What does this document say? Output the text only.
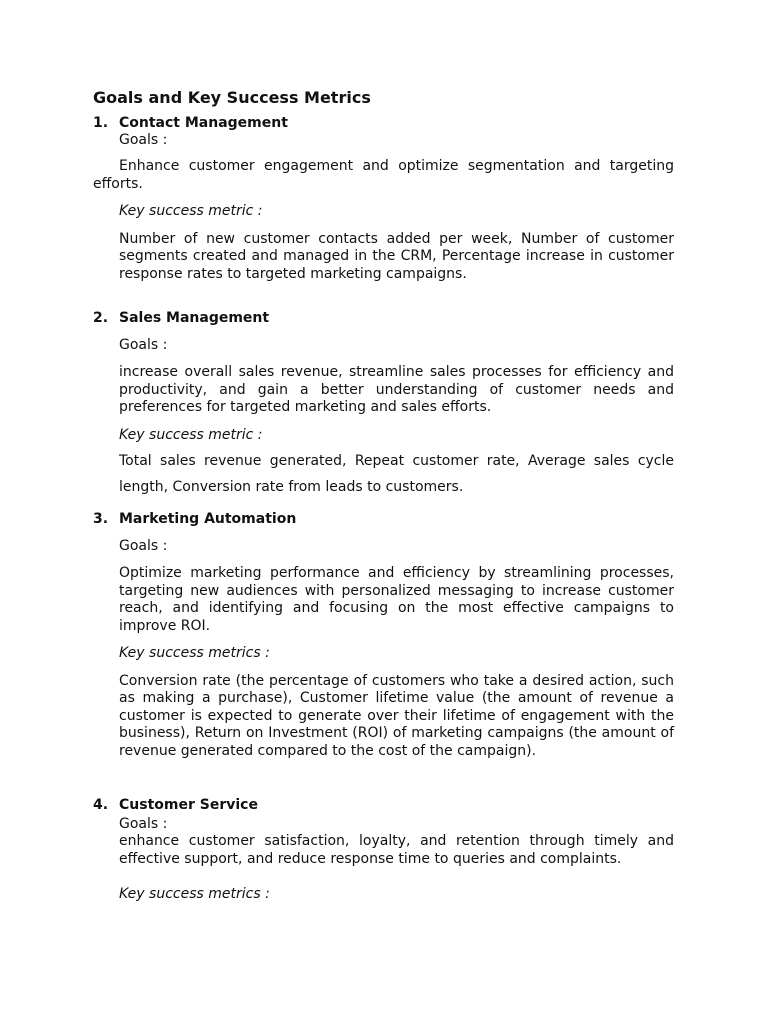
Goals and Key Success Metrics
1. Contact Management
Goals :
Enhance customer engagement and optimize segmentation and targeting efforts.
Key success metric :
Number of new customer contacts added per week, Number of customer segments created and managed in the CRM, Percentage increase in customer response rates to targeted marketing campaigns.
2. Sales Management
Goals :
increase overall sales revenue, streamline sales processes for efficiency and productivity, and gain a better understanding of customer needs and preferences for targeted marketing and sales efforts.
Key success metric :
Total sales revenue generated, Repeat customer rate, Average sales cycle length, Conversion rate from leads to customers.
3. Marketing Automation
Goals :
Optimize marketing performance and efficiency by streamlining processes, targeting new audiences with personalized messaging to increase customer reach, and identifying and focusing on the most effective campaigns to improve ROI.
Key success metrics :
Conversion rate (the percentage of customers who take a desired action, such as making a purchase), Customer lifetime value (the amount of revenue a customer is expected to generate over their lifetime of engagement with the business), Return on Investment (ROI) of marketing campaigns (the amount of revenue generated compared to the cost of the campaign).
4. Customer Service
Goals :
enhance customer satisfaction, loyalty, and retention through timely and effective support, and reduce response time to queries and complaints.
Key success metrics :
